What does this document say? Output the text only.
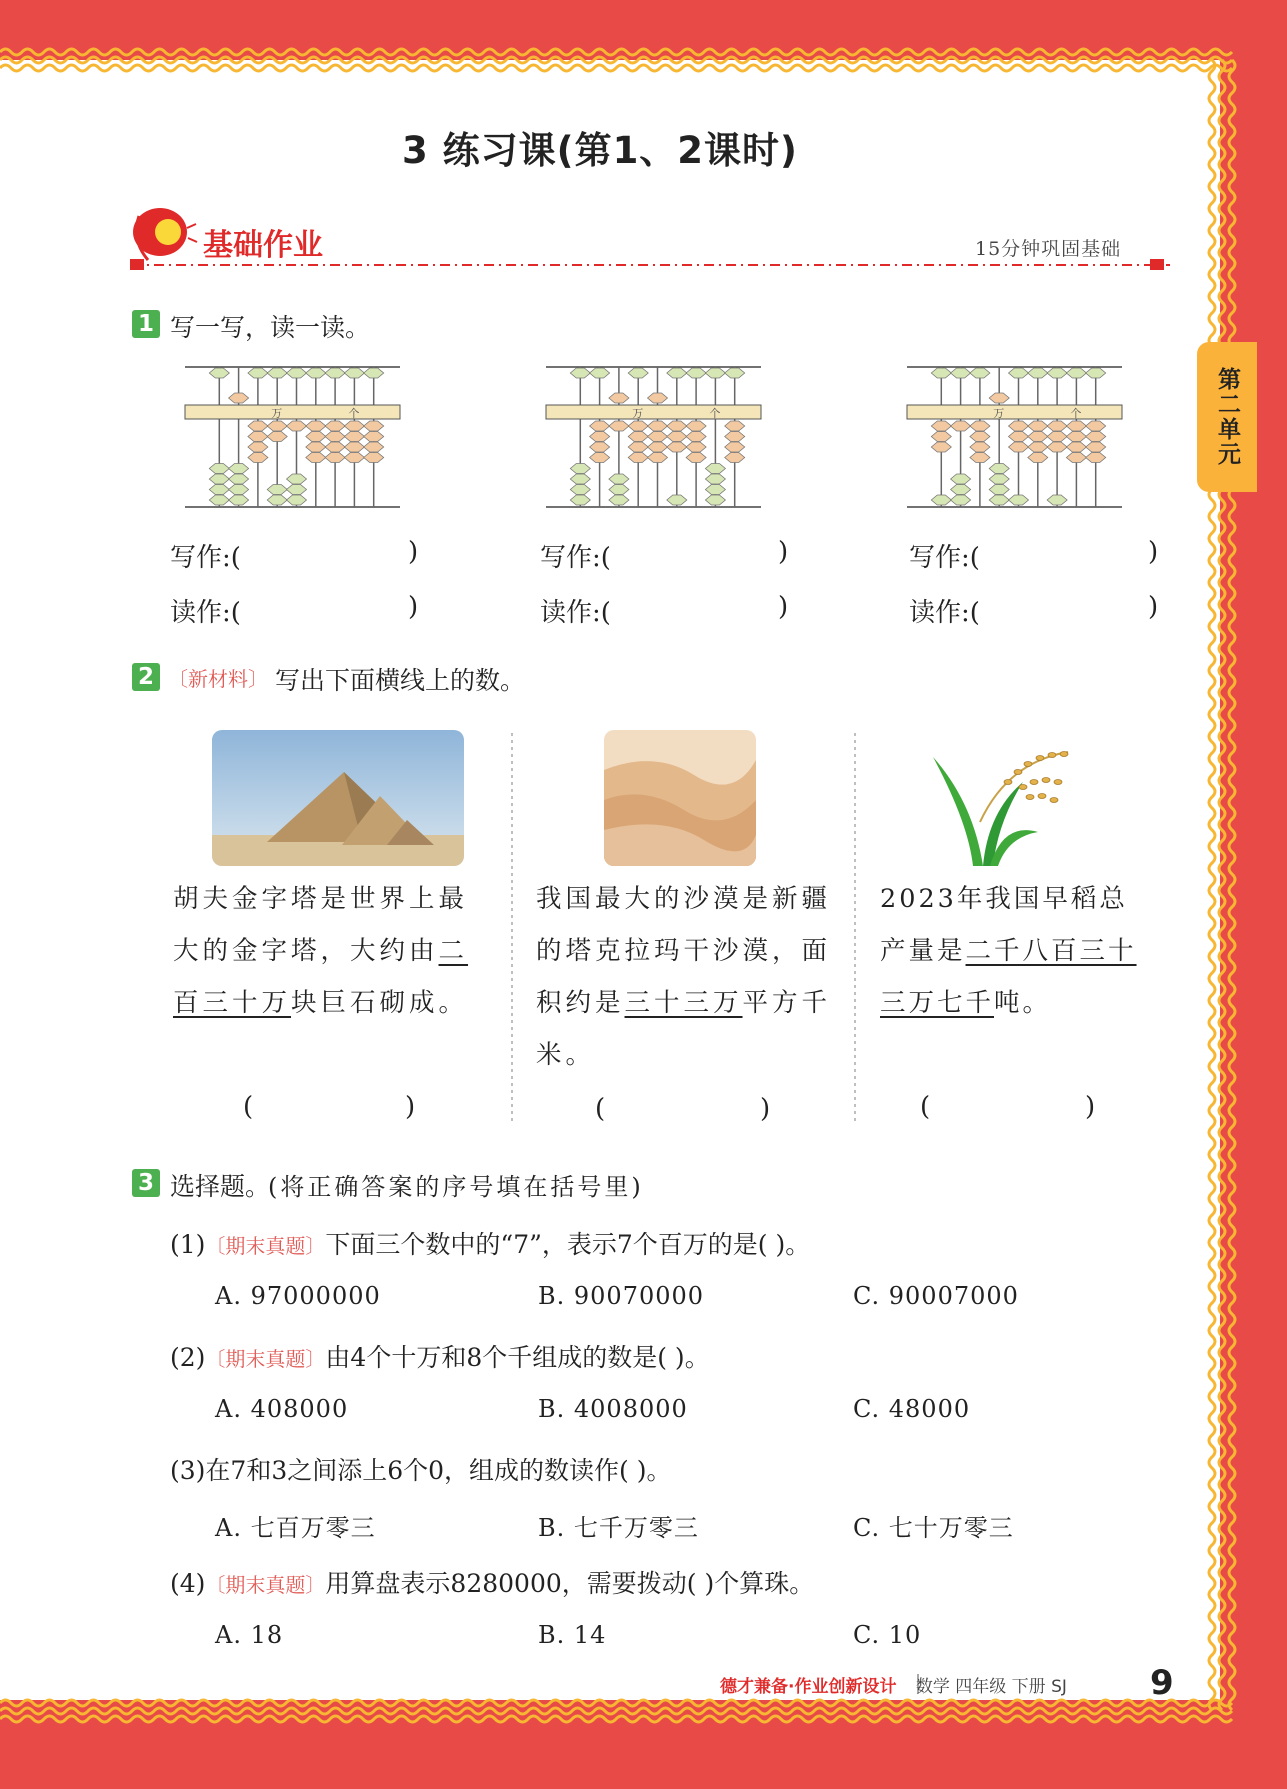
3 练习课(第1、2课时)
基础作业	15分钟巩固基础
第二单元
1 写一写，读一读。
万	个	万	个	万	个
写作:(	)
读作:(	)
写作:(	)
读作:(	)
写作:(	)
读作:(	)
2 〔新材料〕 写出下面横线上的数。
胡夫金字塔是世界上最大的金字塔，大约由二百三十万块巨石砌成。
我国最大的沙漠是新疆的塔克拉玛干沙漠，面积约是三十三万平方千米。
2023年我国早稻总产量是二千八百三十三万七千吨。
(	)	(	)	(	)
3 选择题。
(将正确答案的序号填在括号里)
(1)〔期末真题〕下面三个数中的“7”，表示7个百万的是( )。
A. 97000000	B. 90070000	C. 90007000
(2)〔期末真题〕由4个十万和8个千组成的数是( )。
A. 408000	B. 4008000	C. 48000
(3)在7和3之间添上6个0，组成的数读作( )。
A. 七百万零三	B. 七千万零三	C. 七十万零三
(4)〔期末真题〕用算盘表示8280000，需要拨动( )个算珠。
A. 18	B. 14	C. 10
德才兼备·作业创新设计 数学 四年级 下册 SJ 9
